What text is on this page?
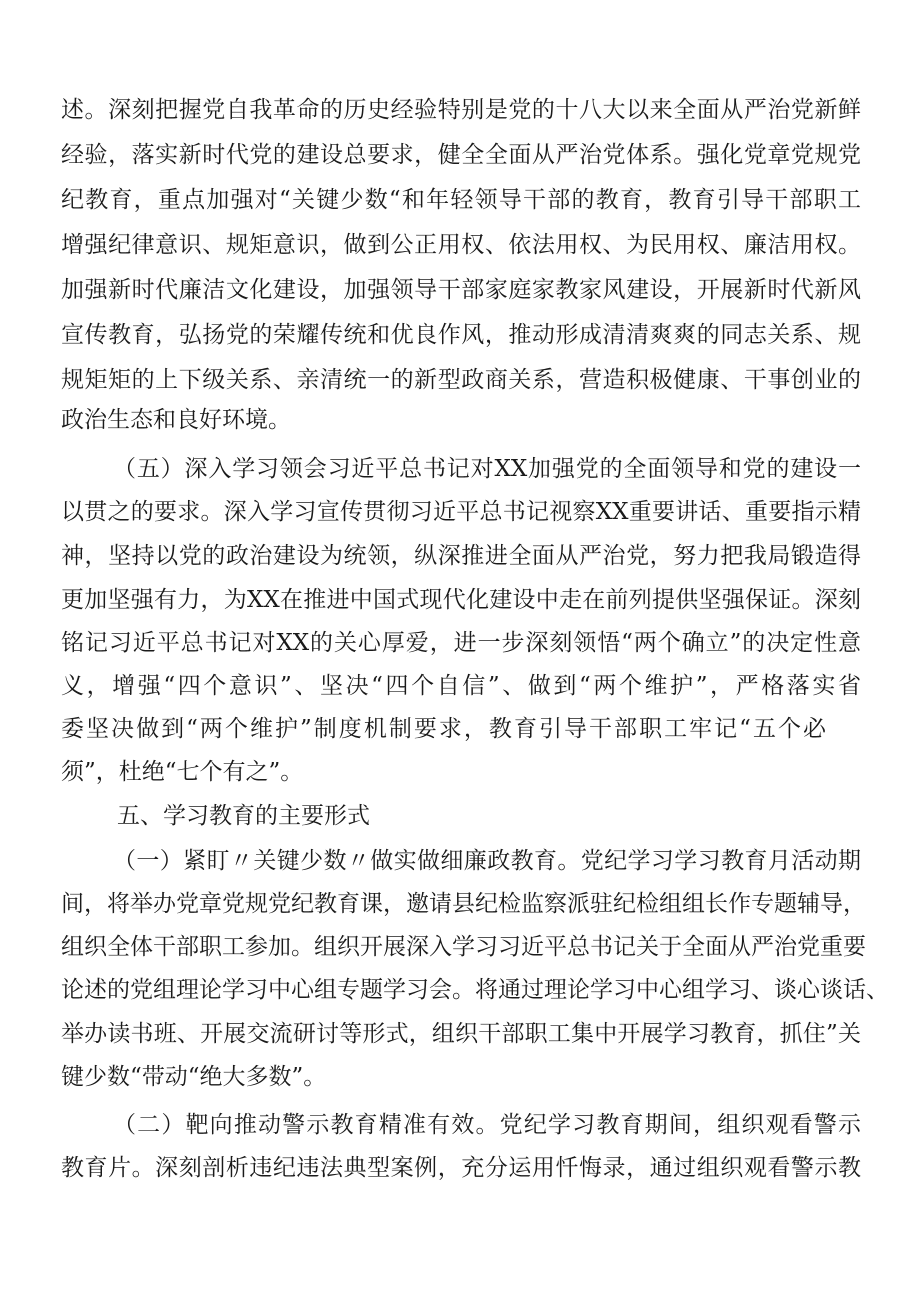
述。深刻把握党自我革命的历史经验特别是党的十八大以来全面从严治党新鲜
经验，落实新时代党的建设总要求，健全全面从严治党体系。强化党章党规党
纪教育，重点加强对“关键少数“和年轻领导干部的教育，教育引导干部职工
增强纪律意识、规矩意识，做到公正用权、依法用权、为民用权、廉洁用权。
加强新时代廉洁文化建设，加强领导干部家庭家教家风建设，开展新时代新风
宣传教育，弘扬党的荣耀传统和优良作风，推动形成清清爽爽的同志关系、规
规矩矩的上下级关系、亲清统一的新型政商关系，营造积极健康、干事创业的
政治生态和良好环境。
（五）深入学习领会习近平总书记对XX加强党的全面领导和党的建设一
以贯之的要求。深入学习宣传贯彻习近平总书记视察XX重要讲话、重要指示精
神，坚持以党的政治建设为统领，纵深推进全面从严治党，努力把我局锻造得
更加坚强有力，为XX在推进中国式现代化建设中走在前列提供坚强保证。深刻
铭记习近平总书记对XX的关心厚爱，进一步深刻领悟“两个确立”的决定性意
义，增强“四个意识”、坚决“四个自信”、做到“两个维护”，严格落实省
委坚决做到“两个维护”制度机制要求，教育引导干部职工牢记“五个必
须”，杜绝“七个有之”。
五、学习教育的主要形式
（一）紧盯〃关键少数〃做实做细廉政教育。党纪学习学习教育月活动期
间，将举办党章党规党纪教育课，邀请县纪检监察派驻纪检组组长作专题辅导，
组织全体干部职工参加。组织开展深入学习习近平总书记关于全面从严治党重要
论述的党组理论学习中心组专题学习会。将通过理论学习中心组学习、谈心谈话、
举办读书班、开展交流研讨等形式，组织干部职工集中开展学习教育，抓住”关
键少数“带动“绝大多数”。
（二）靶向推动警示教育精准有效。党纪学习教育期间，组织观看警示
教育片。深刻剖析违纪违法典型案例，充分运用忏悔录，通过组织观看警示教
